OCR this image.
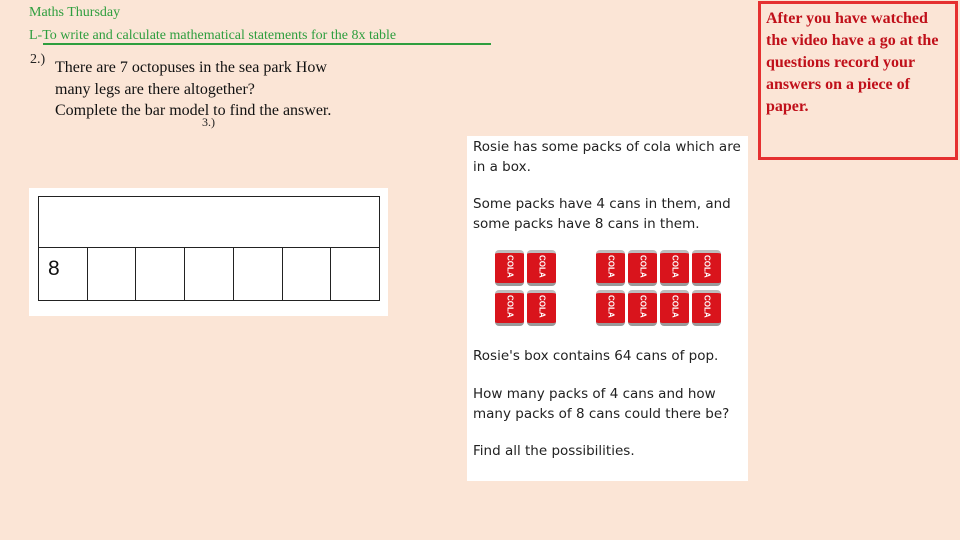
Maths Thursday
L-To write and calculate mathematical statements for the 8x table
2.) There are 7 octopuses in the sea park How
many legs are there altogether?
Complete the bar model to find the answer.
3.)
8
Rosie has some packs of cola which are in a box.
Some packs have 4 cans in them, and some packs have 8 cans in them.
COLA	COLA
COLA	COLA
COLA	COLA	COLA	COLA
COLA	COLA	COLA	COLA
Rosie's box contains 64 cans of pop.
How many packs of 4 cans and how many packs of 8 cans could there be?
Find all the possibilities.
After you have watched the video have a go at the questions record your answers on a piece of paper.
